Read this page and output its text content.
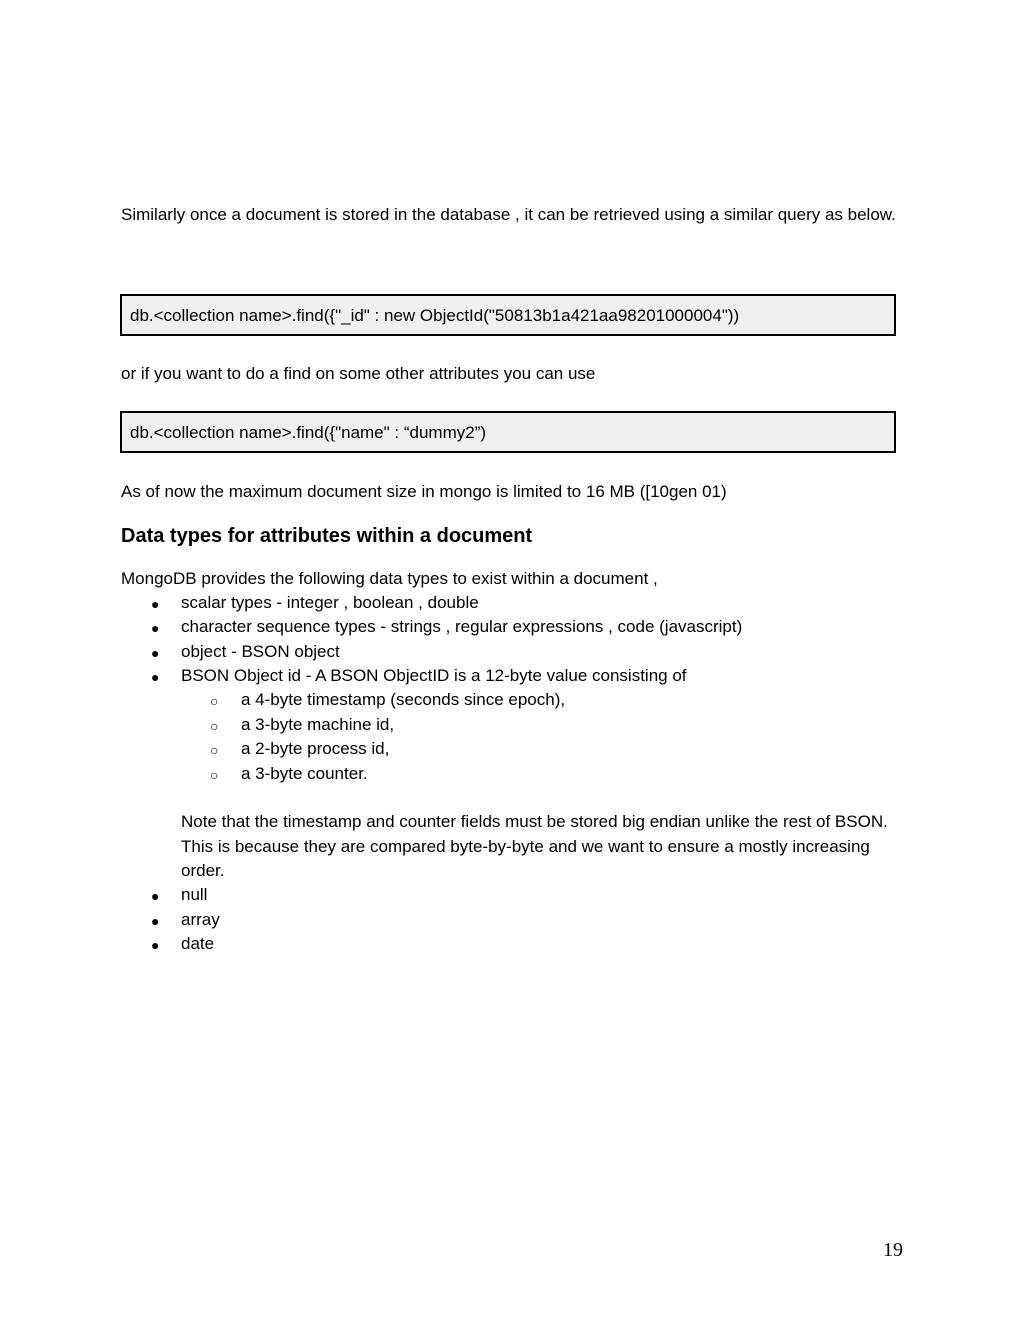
Similarly once a document is stored in the database , it can be retrieved using a similar query as below.
db.<collection name>.find({"_id" : new ObjectId("50813b1a421aa98201000004"))
or if you want to do a find on some other attributes you can use
db.<collection name>.find({"name" : “dummy2”)
As of now the maximum document size in mongo is limited to 16 MB ([10gen 01)
Data types for attributes within a document
MongoDB provides the following data types to exist within a document ,
● scalar types - integer , boolean , double
● character sequence types - strings , regular expressions , code (javascript)
● object - BSON object
● BSON Object id - A BSON ObjectID is a 12-byte value consisting of
○ a 4-byte timestamp (seconds since epoch),
○ a 3-byte machine id,
○ a 2-byte process id,
○ a 3-byte counter.
Note that the timestamp and counter fields must be stored big endian unlike the rest of BSON. This is because they are compared byte-by-byte and we want to ensure a mostly increasing order.
● null
● array
● date
19
